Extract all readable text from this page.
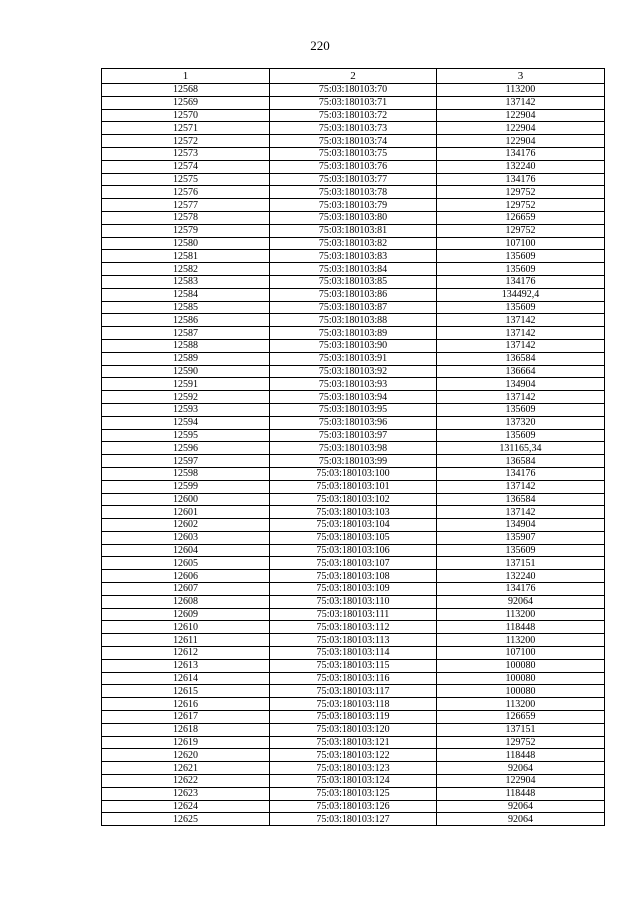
220
1	2	3
12568	75:03:180103:70	113200
12569	75:03:180103:71	137142
12570	75:03:180103:72	122904
12571	75:03:180103:73	122904
12572	75:03:180103:74	122904
12573	75:03:180103:75	134176
12574	75:03:180103:76	132240
12575	75:03:180103:77	134176
12576	75:03:180103:78	129752
12577	75:03:180103:79	129752
12578	75:03:180103:80	126659
12579	75:03:180103:81	129752
12580	75:03:180103:82	107100
12581	75:03:180103:83	135609
12582	75:03:180103:84	135609
12583	75:03:180103:85	134176
12584	75:03:180103:86	134492,4
12585	75:03:180103:87	135609
12586	75:03:180103:88	137142
12587	75:03:180103:89	137142
12588	75:03:180103:90	137142
12589	75:03:180103:91	136584
12590	75:03:180103:92	136664
12591	75:03:180103:93	134904
12592	75:03:180103:94	137142
12593	75:03:180103:95	135609
12594	75:03:180103:96	137320
12595	75:03:180103:97	135609
12596	75:03:180103:98	131165,34
12597	75:03:180103:99	136584
12598	75:03:180103:100	134176
12599	75:03:180103:101	137142
12600	75:03:180103:102	136584
12601	75:03:180103:103	137142
12602	75:03:180103:104	134904
12603	75:03:180103:105	135907
12604	75:03:180103:106	135609
12605	75:03:180103:107	137151
12606	75:03:180103:108	132240
12607	75:03:180103:109	134176
12608	75:03:180103:110	92064
12609	75:03:180103:111	113200
12610	75:03:180103:112	118448
12611	75:03:180103:113	113200
12612	75:03:180103:114	107100
12613	75:03:180103:115	100080
12614	75:03:180103:116	100080
12615	75:03:180103:117	100080
12616	75:03:180103:118	113200
12617	75:03:180103:119	126659
12618	75:03:180103:120	137151
12619	75:03:180103:121	129752
12620	75:03:180103:122	118448
12621	75:03:180103:123	92064
12622	75:03:180103:124	122904
12623	75:03:180103:125	118448
12624	75:03:180103:126	92064
12625	75:03:180103:127	92064
